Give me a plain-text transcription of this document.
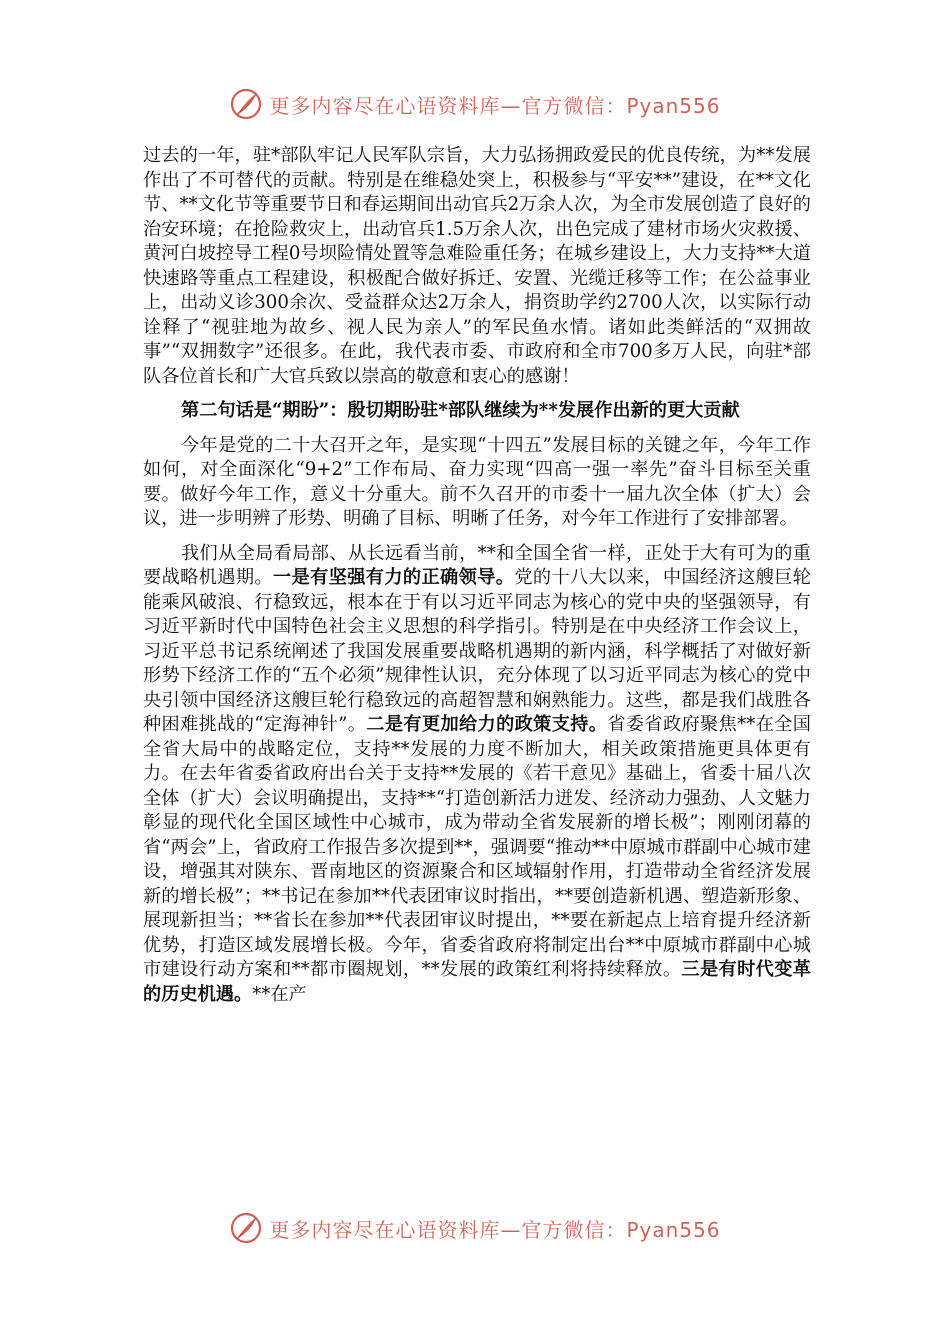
更多内容尽在心语资料库—官方微信：Pyan556

过去的一年，驻*部队牢记人民军队宗旨，大力弘扬拥政爱民的优良传统，为**发展作出了不可替代的贡献。特别是在维稳处突上，积极参与“平安**”建设，在**文化节、**文化节等重要节日和春运期间出动官兵2万余人次，为全市发展创造了良好的治安环境；在抢险救灾上，出动官兵1.5万余人次，出色完成了建材市场火灾救援、黄河白坡控导工程0号坝险情处置等急难险重任务；在城乡建设上，大力支持**大道快速路等重点工程建设，积极配合做好拆迁、安置、光缆迁移等工作；在公益事业上，出动义诊300余次、受益群众达2万余人，捐资助学约2700人次，以实际行动诠释了“视驻地为故乡、视人民为亲人”的军民鱼水情。诸如此类鲜活的“双拥故事”“双拥数字”还很多。在此，我代表市委、市政府和全市700多万人民，向驻*部队各位首长和广大官兵致以崇高的敬意和衷心的感谢！

第二句话是“期盼”：殷切期盼驻*部队继续为**发展作出新的更大贡献

今年是党的二十大召开之年，是实现“十四五”发展目标的关键之年，今年工作如何，对全面深化“9+2”工作布局、奋力实现“四高一强一率先”奋斗目标至关重要。做好今年工作，意义十分重大。前不久召开的市委十一届九次全体（扩大）会议，进一步明辨了形势、明确了目标、明晰了任务，对今年工作进行了安排部署。

我们从全局看局部、从长远看当前，**和全国全省一样，正处于大有可为的重要战略机遇期。一是有坚强有力的正确领导。党的十八大以来，中国经济这艘巨轮能乘风破浪、行稳致远，根本在于有以习近平同志为核心的党中央的坚强领导，有习近平新时代中国特色社会主义思想的科学指引。特别是在中央经济工作会议上，习近平总书记系统阐述了我国发展重要战略机遇期的新内涵，科学概括了对做好新形势下经济工作的“五个必须”规律性认识，充分体现了以习近平同志为核心的党中央引领中国经济这艘巨轮行稳致远的高超智慧和娴熟能力。这些，都是我们战胜各种困难挑战的“定海神针”。二是有更加给力的政策支持。省委省政府聚焦**在全国全省大局中的战略定位，支持**发展的力度不断加大，相关政策措施更具体更有力。在去年省委省政府出台关于支持**发展的《若干意见》基础上，省委十届八次全体（扩大）会议明确提出，支持**“打造创新活力迸发、经济动力强劲、人文魅力彰显的现代化全国区域性中心城市，成为带动全省发展新的增长极”；刚刚闭幕的省“两会”上，省政府工作报告多次提到**，强调要“推动**中原城市群副中心城市建设，增强其对陕东、晋南地区的资源聚合和区域辐射作用，打造带动全省经济发展新的增长极”；**书记在参加**代表团审议时指出，**要创造新机遇、塑造新形象、展现新担当；**省长在参加**代表团审议时提出，**要在新起点上培育提升经济新优势，打造区域发展增长极。今年，省委省政府将制定出台**中原城市群副中心城市建设行动方案和**都市圈规划，**发展的政策红利将持续释放。三是有时代变革的历史机遇。**在产

更多内容尽在心语资料库—官方微信：Pyan556
